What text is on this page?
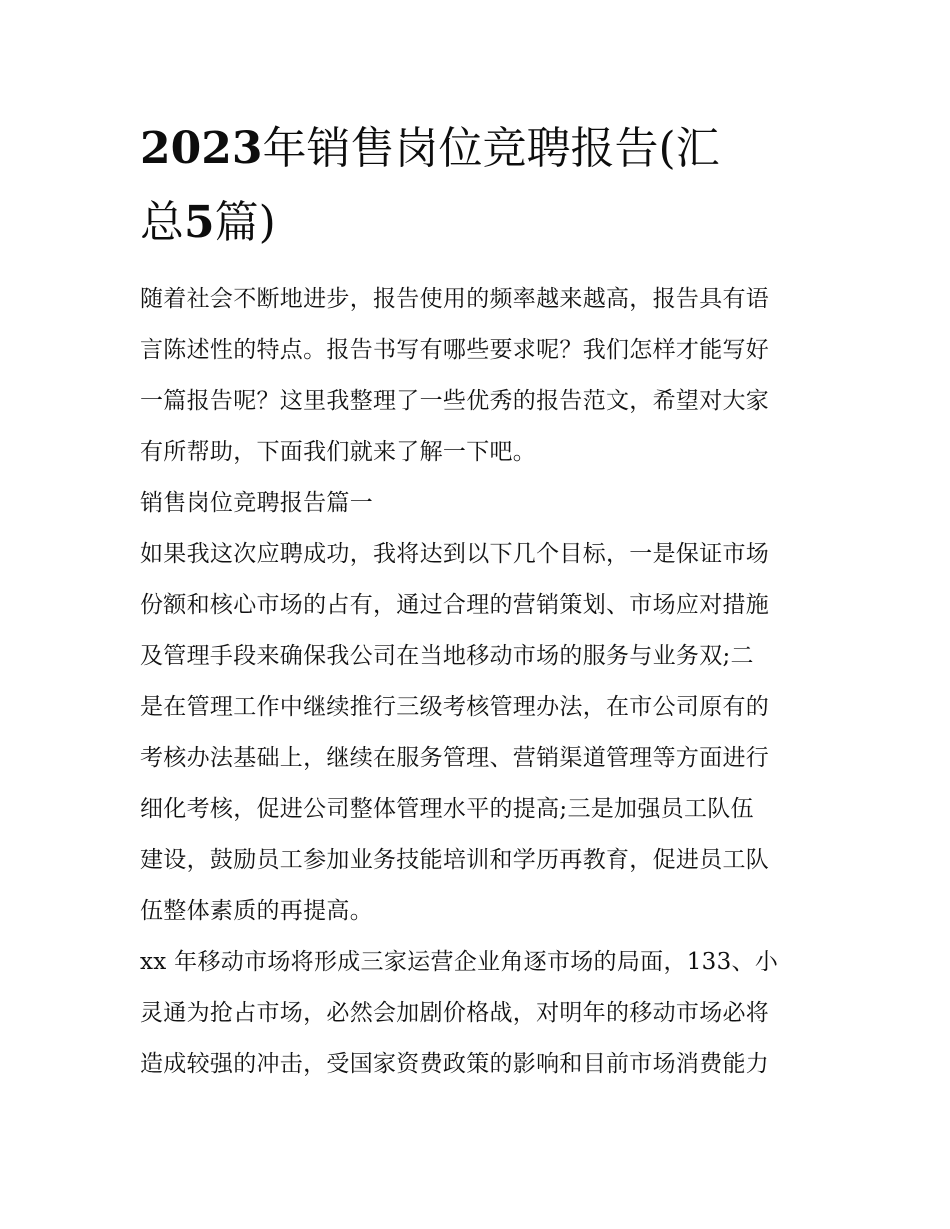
2023年销售岗位竞聘报告(汇
总5篇)

随着社会不断地进步，报告使用的频率越来越高，报告具有语
言陈述性的特点。报告书写有哪些要求呢？我们怎样才能写好
一篇报告呢？这里我整理了一些优秀的报告范文，希望对大家
有所帮助，下面我们就来了解一下吧。

销售岗位竞聘报告篇一

如果我这次应聘成功，我将达到以下几个目标，一是保证市场
份额和核心市场的占有，通过合理的营销策划、市场应对措施
及管理手段来确保我公司在当地移动市场的服务与业务双;二
是在管理工作中继续推行三级考核管理办法，在市公司原有的
考核办法基础上，继续在服务管理、营销渠道管理等方面进行
细化考核，促进公司整体管理水平的提高;三是加强员工队伍
建设，鼓励员工参加业务技能培训和学历再教育，促进员工队
伍整体素质的再提高。

xx 年移动市场将形成三家运营企业角逐市场的局面，133、小
灵通为抢占市场，必然会加剧价格战，对明年的移动市场必将
造成较强的冲击，受国家资费政策的影响和目前市场消费能力
